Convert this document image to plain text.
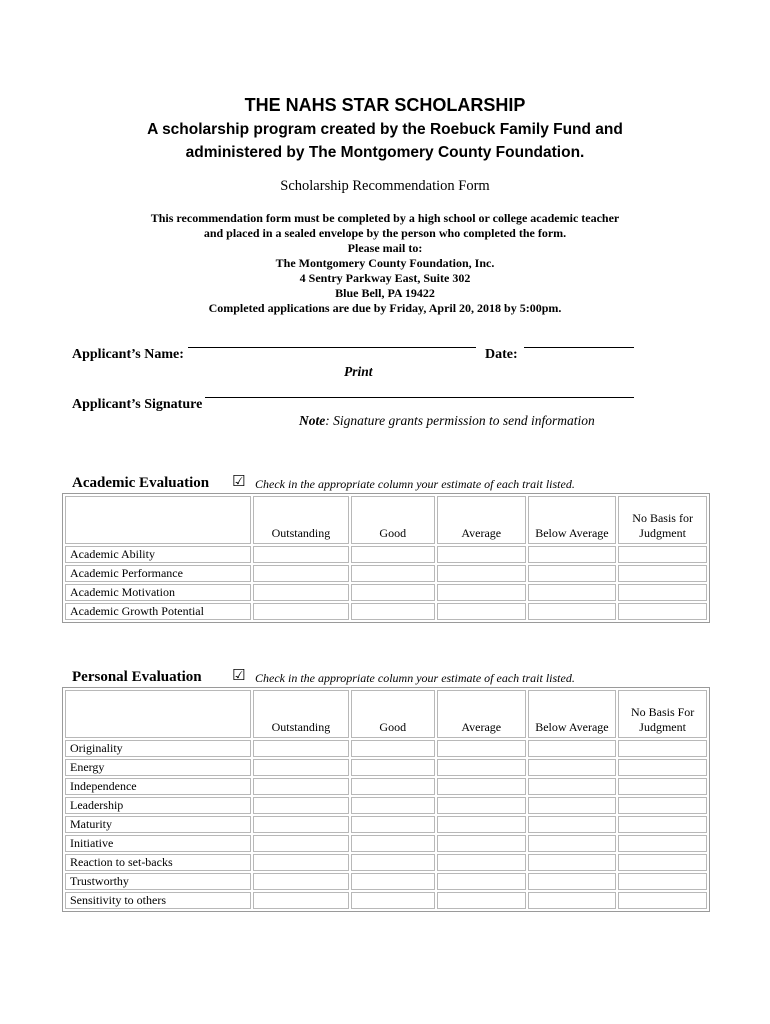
THE NAHS STAR SCHOLARSHIP
A scholarship program created by the Roebuck Family Fund and
administered by The Montgomery County Foundation.
Scholarship Recommendation Form
This recommendation form must be completed by a high school or college academic teacher
and placed in a sealed envelope by the person who completed the form.
Please mail to:
The Montgomery County Foundation, Inc.
4 Sentry Parkway East, Suite 302
Blue Bell, PA 19422
Completed applications are due by Friday, April 20, 2018 by 5:00pm.
Applicant’s Name:	Date:
Print
Applicant’s Signature
Note: Signature grants permission to send information
Academic Evaluation ☑ Check in the appropriate column your estimate of each trait listed.
	Outstanding	Good	Average	Below Average	No Basis for Judgment
Academic Ability					
Academic Performance					
Academic Motivation					
Academic Growth Potential					
Personal Evaluation ☑ Check in the appropriate column your estimate of each trait listed.
	Outstanding	Good	Average	Below Average	No Basis For Judgment
Originality					
Energy					
Independence					
Leadership					
Maturity					
Initiative					
Reaction to set-backs					
Trustworthy					
Sensitivity to others					
